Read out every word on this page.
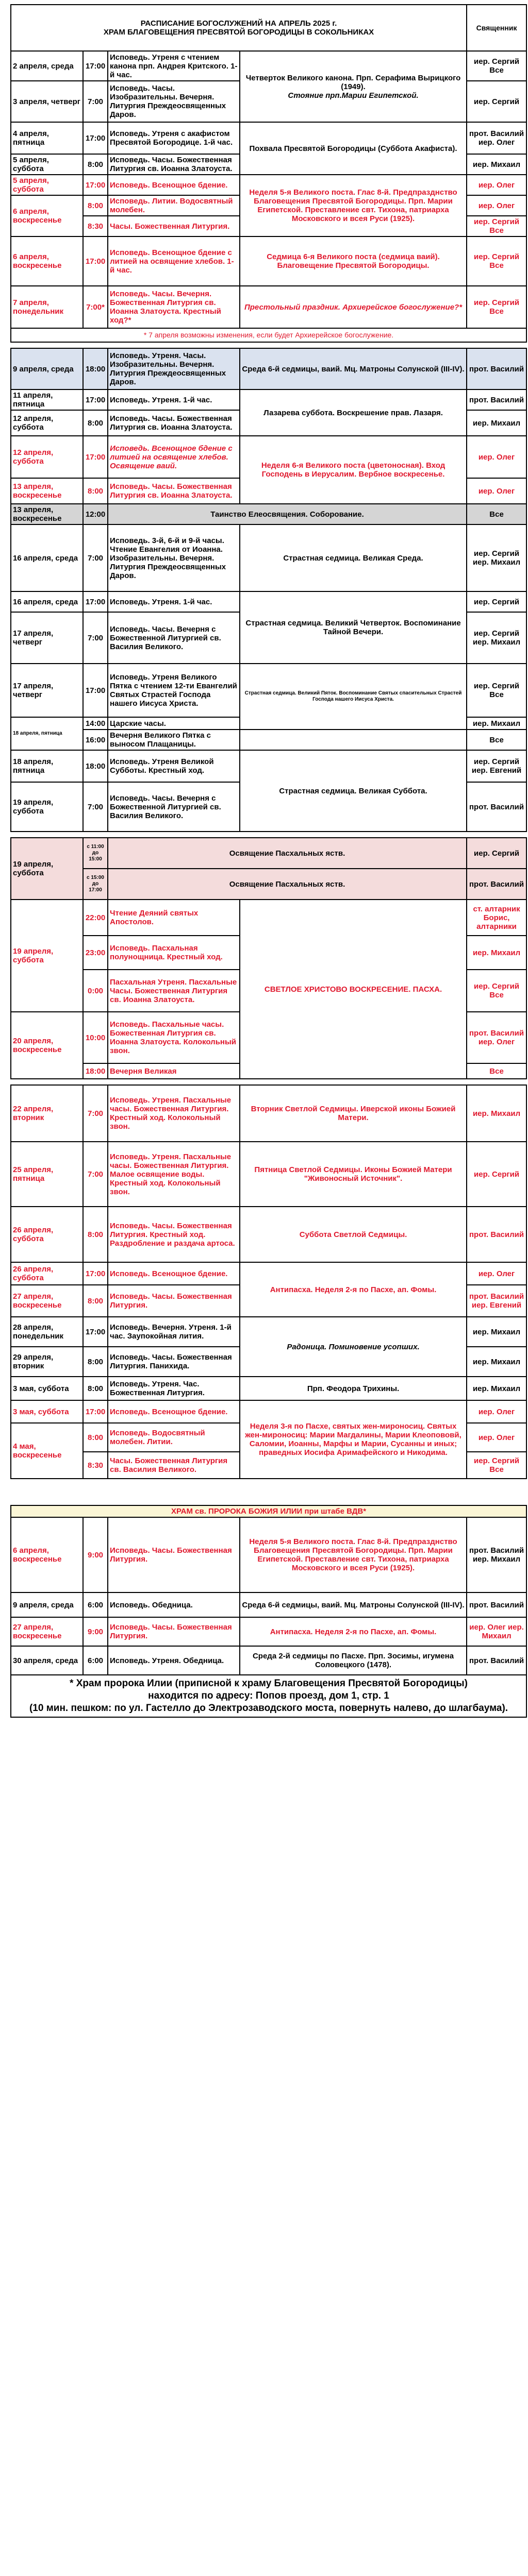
РАСПИСАНИЕ БОГОСЛУЖЕНИЙ НА АПРЕЛЬ 2025 г.
ХРАМ БЛАГОВЕЩЕНИЯ ПРЕСВЯТОЙ БОГОРОДИЦЫ В СОКОЛЬНИКАХ				Священник
2 апреля, среда	17:00	Исповедь. Утреня с чтением канона прп. Андрея Критского. 1-й час.	Четверток Великого канона. Прп. Серафима Вырицкого (1949).
Стояние прп.Марии Египетской.	иер. Сергий Все
3 апреля, четверг	7:00	Исповедь. Часы. Изобразительны. Вечерня. Литургия Преждеосвященных Даров.		иер. Сергий
4 апреля, пятница	17:00	Исповедь. Утреня с акафистом Пресвятой Богородице. 1-й час.	Похвала Пресвятой Богородицы (Суббота Акафиста).	прот. Василий иер. Олег
5 апреля, суббота	8:00	Исповедь. Часы. Божественная Литургия св. Иоанна Златоуста.		иер. Михаил
5 апреля, суббота	17:00	Исповедь. Всенощное бдение.	Неделя 5-я Великого поста. Глас 8-й. Предпразднство Благовещения Пресвятой Богородицы. Прп. Марии Египетской. Преставление свт. Тихона, патриарха Московского и всея Руси (1925).	иер. Олег
6 апреля, воскресенье	8:00	Исповедь. Литии. Водосвятный молебен.		иер. Олег
	8:30	Часы. Божественная Литургия.		иер. Сергий Все
6 апреля, воскресенье	17:00	Исповедь. Всенощное бдение с литией на освящение хлебов. 1-й час.	Седмица 6-я Великого поста (седмица ваий). Благовещение Пресвятой Богородицы.	иер. Сергий Все
7 апреля, понедельник	7:00*	Исповедь. Часы. Вечерня. Божественная Литургия св. Иоанна Златоуста. Крестный ход?*	Престольный праздник. Архиерейское богослужение?*	иер. Сергий Все
* 7 апреля возможны изменения, если будет Архиерейское богослужение.				

9 апреля, среда	18:00	Исповедь. Утреня. Часы. Изобразительны. Вечерня. Литургия Преждеосвященных Даров.	Среда 6-й седмицы, ваий. Мц. Матроны Солунской (III-IV).	прот. Василий
11 апреля, пятница	17:00	Исповедь. Утреня. 1-й час.	Лазарева суббота. Воскрешение прав. Лазаря.	прот. Василий
12 апреля, суббота	8:00	Исповедь. Часы. Божественная Литургия св. Иоанна Златоуста.		иер. Михаил
12 апреля, суббота	17:00	Исповедь. Всенощное бдение с литией на освящение хлебов. Освящение ваий.	Неделя 6-я Великого поста (цветоносная). Вход Господень в Иерусалим. Вербное воскресенье.	иер. Олег
13 апреля, воскресенье	8:00	Исповедь. Часы. Божественная Литургия св. Иоанна Златоуста.		иер. Олег
13 апреля, воскресенье	12:00	Таинство Елеосвящения. Соборование.		Все
16 апреля, среда	7:00	Исповедь. 3-й, 6-й и 9-й часы. Чтение Евангелия от Иоанна. Изобразительны. Вечерня. Литургия Преждеосвященных Даров.	Страстная седмица. Великая Среда.	иер. Сергий иер. Михаил
16 апреля, среда	17:00	Исповедь. Утреня. 1-й час.	Страстная седмица. Великий Четверток. Воспоминание Тайной Вечери.	иер. Сергий
17 апреля, четверг	7:00	Исповедь. Часы. Вечерня с Божественной Литургией св. Василия Великого.		иер. Сергий иер. Михаил
17 апреля, четверг	17:00	Исповедь. Утреня Великого Пятка с чтением 12-ти Евангелий Святых Страстей Господа нашего Иисуса Христа.	Страстная седмица. Великий Пяток. Воспоминание Святых спасительных Страстей Господа нашего Иисуса Христа.	иер. Сергий Все
18 апреля, пятница	14:00	Царские часы.		иер. Михаил
	16:00	Вечерня Великого Пятка с выносом Плащаницы.		Все
18 апреля, пятница	18:00	Исповедь. Утреня Великой Субботы. Крестный ход.	Страстная седмица. Великая Суббота.	иер. Сергий иер. Евгений
19 апреля, суббота	7:00	Исповедь. Часы. Вечерня с Божественной Литургией св. Василия Великого.		прот. Василий

19 апреля, суббота	с 11:00 до 15:00	Освящение Пасхальных яств.		иер. Сергий
	с 15:00 до 17:00	Освящение Пасхальных яств.		прот. Василий
19 апреля, суббота	22:00	Чтение Деяний святых Апостолов.	СВЕТЛОЕ ХРИСТОВО ВОСКРЕСЕНИЕ. ПАСХА.	ст. алтарник Борис, алтарники
	23:00	Исповедь. Пасхальная полунощница. Крестный ход.		иер. Михаил
	0:00	Пасхальная Утреня. Пасхальные Часы. Божественная Литургия св. Иоанна Златоуста.		иер. Сергий Все
20 апреля, воскресенье	10:00	Исповедь. Пасхальные часы. Божественная Литургия св. Иоанна Златоуста. Колокольный звон.		прот. Василий иер. Олег
	18:00	Вечерня Великая		Все

22 апреля, вторник	7:00	Исповедь. Утреня. Пасхальные часы. Божественная Литургия. Крестный ход. Колокольный звон.	Вторник Светлой Седмицы. Иверской иконы Божией Матери.	иер. Михаил
25 апреля, пятница	7:00	Исповедь. Утреня. Пасхальные часы. Божественная Литургия. Малое освящение воды. Крестный ход. Колокольный звон.	Пятница Светлой Седмицы. Иконы Божией Матери "Живоносный Источник".	иер. Сергий
26 апреля, суббота	8:00	Исповедь. Часы. Божественная Литургия. Крестный ход. Раздробление и раздача артоса.	Суббота Светлой Седмицы.	прот. Василий
26 апреля, суббота	17:00	Исповедь. Всенощное бдение.	Антипасха. Неделя 2-я по Пасхе, ап. Фомы.	иер. Олег
27 апреля, воскресенье	8:00	Исповедь. Часы. Божественная Литургия.		прот. Василий иер. Евгений
28 апреля, понедельник	17:00	Исповедь. Вечерня. Утреня. 1-й час. Заупокойная лития.	Радоница. Поминовение усопших.	иер. Михаил
29 апреля, вторник	8:00	Исповедь. Часы. Божественная Литургия. Панихида.		иер. Михаил
3 мая, суббота	8:00	Исповедь. Утреня. Час. Божественная Литургия.	Прп. Феодора Трихины.	иер. Михаил
3 мая, суббота	17:00	Исповедь. Всенощное бдение.	Неделя 3-я по Пасхе, святых жен-мироносиц. Святых жен-мироносиц: Марии Магдалины, Марии Клеопововй, Саломии, Иоанны, Марфы и Марии, Сусанны и иных; праведных Иосифа Аримафейского и Никодима.	иер. Олег
4 мая, воскресенье	8:00	Исповедь. Водосвятный молебен. Литии.		иер. Олег
	8:30	Часы. Божественная Литургия св. Василия Великого.		иер. Сергий Все

ХРАМ св. ПРОРОКА БОЖИЯ ИЛИИ при штабе ВДВ*				
6 апреля, воскресенье	9:00	Исповедь. Часы. Божественная Литургия.	Неделя 5-я Великого поста. Глас 8-й. Предпразднство Благовещения Пресвятой Богородицы. Прп. Марии Египетской. Преставление свт. Тихона, патриарха Московского и всея Руси (1925).	прот. Василий иер. Михаил
9 апреля, среда	6:00	Исповедь. Обедница.	Среда 6-й седмицы, ваий. Мц. Матроны Солунской (III-IV).	прот. Василий
27 апреля, воскресенье	9:00	Исповедь. Часы. Божественная Литургия.	Антипасха. Неделя 2-я по Пасхе, ап. Фомы.	иер. Олег иер. Михаил
30 апреля, среда	6:00	Исповедь. Утреня. Обедница.	Среда 2-й седмицы по Пасхе. Прп. Зосимы, игумена Соловецкого (1478).	прот. Василий
* Храм пророка Илии (приписной к храму Благовещения Пресвятой Богородицы)
находится по адресу: Попов проезд, дом 1, стр. 1
(10 мин. пешком: по ул. Гастелло до Электрозаводского моста, повернуть налево, до шлагбаума).				
